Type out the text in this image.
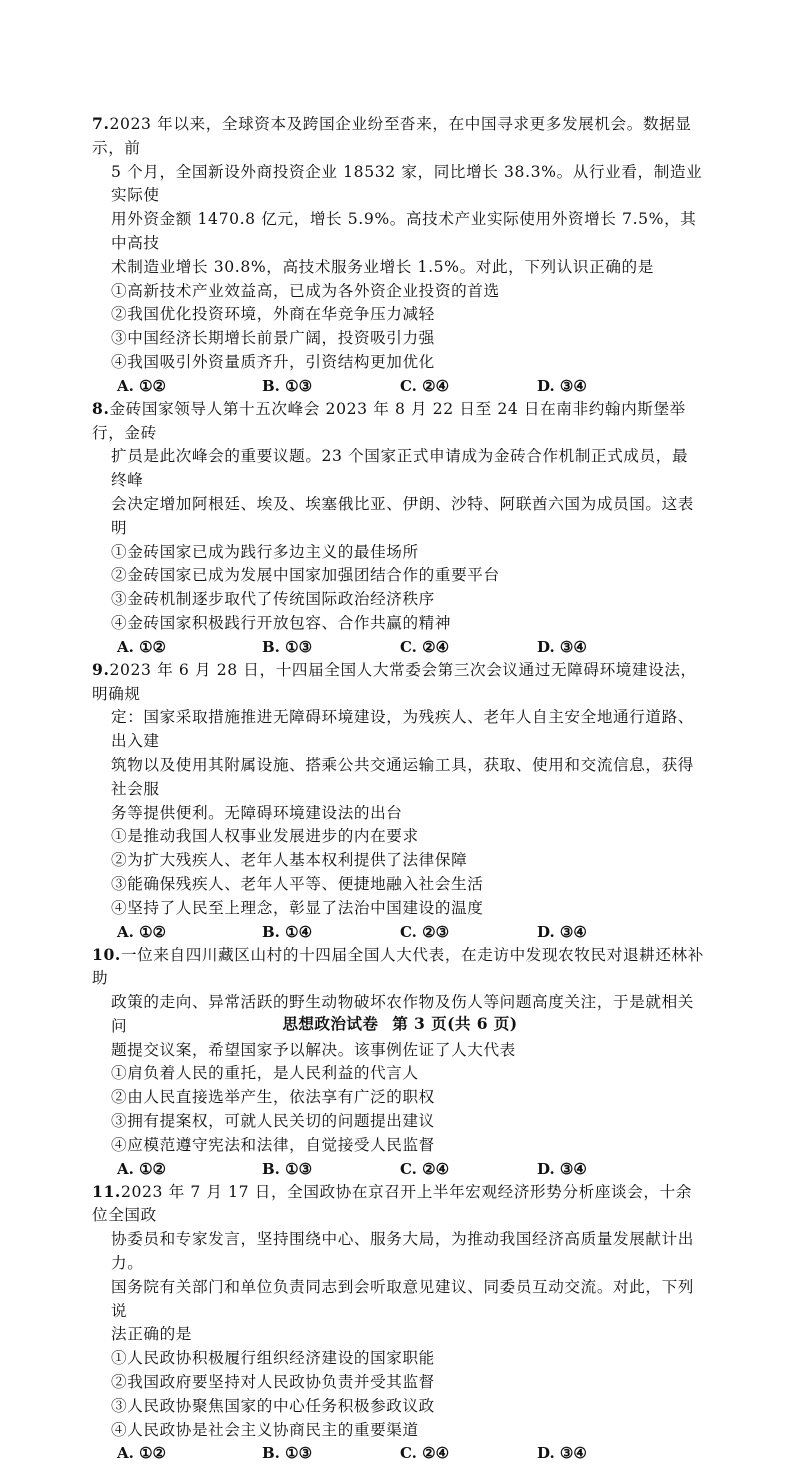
7.2023 年以来，全球资本及跨国企业纷至沓来，在中国寻求更多发展机会。数据显示，前
5 个月，全国新设外商投资企业 18532 家，同比增长 38.3%。从行业看，制造业实际使
用外资金额 1470.8 亿元，增长 5.9%。高技术产业实际使用外资增长 7.5%，其中高技
术制造业增长 30.8%，高技术服务业增长 1.5%。对此，下列认识正确的是
①高新技术产业效益高，已成为各外资企业投资的首选
②我国优化投资环境，外商在华竞争压力减轻
③中国经济长期增长前景广阔，投资吸引力强
④我国吸引外资量质齐升，引资结构更加优化
A. ①②	B. ①③	C. ②④	D. ③④
8.金砖国家领导人第十五次峰会 2023 年 8 月 22 日至 24 日在南非约翰内斯堡举行，金砖
扩员是此次峰会的重要议题。23 个国家正式申请成为金砖合作机制正式成员，最终峰
会决定增加阿根廷、埃及、埃塞俄比亚、伊朗、沙特、阿联酋六国为成员国。这表明
①金砖国家已成为践行多边主义的最佳场所
②金砖国家已成为发展中国家加强团结合作的重要平台
③金砖机制逐步取代了传统国际政治经济秩序
④金砖国家积极践行开放包容、合作共赢的精神
A. ①②	B. ①③	C. ②④	D. ③④
9.2023 年 6 月 28 日，十四届全国人大常委会第三次会议通过无障碍环境建设法，明确规
定：国家采取措施推进无障碍环境建设，为残疾人、老年人自主安全地通行道路、出入建
筑物以及使用其附属设施、搭乘公共交通运输工具，获取、使用和交流信息，获得社会服
务等提供便利。无障碍环境建设法的出台
①是推动我国人权事业发展进步的内在要求
②为扩大残疾人、老年人基本权利提供了法律保障
③能确保残疾人、老年人平等、便捷地融入社会生活
④坚持了人民至上理念，彰显了法治中国建设的温度
A. ①②	B. ①④	C. ②③	D. ③④
10.一位来自四川藏区山村的十四届全国人大代表，在走访中发现农牧民对退耕还林补助
政策的走向、异常活跃的野生动物破坏农作物及伤人等问题高度关注，于是就相关问
题提交议案，希望国家予以解决。该事例佐证了人大代表
①肩负着人民的重托，是人民利益的代言人
②由人民直接选举产生，依法享有广泛的职权
③拥有提案权，可就人民关切的问题提出建议
④应模范遵守宪法和法律，自觉接受人民监督
A. ①②	B. ①③	C. ②④	D. ③④
11.2023 年 7 月 17 日，全国政协在京召开上半年宏观经济形势分析座谈会，十余位全国政
协委员和专家发言，坚持围绕中心、服务大局，为推动我国经济高质量发展献计出力。
国务院有关部门和单位负责同志到会听取意见建议、同委员互动交流。对此，下列说
法正确的是
①人民政协积极履行组织经济建设的国家职能
②我国政府要坚持对人民政协负责并受其监督
③人民政协聚焦国家的中心任务积极参政议政
④人民政协是社会主义协商民主的重要渠道
A. ①②	B. ①③	C. ②④	D. ③④
思想政治试卷 第 3 页(共 6 页)
